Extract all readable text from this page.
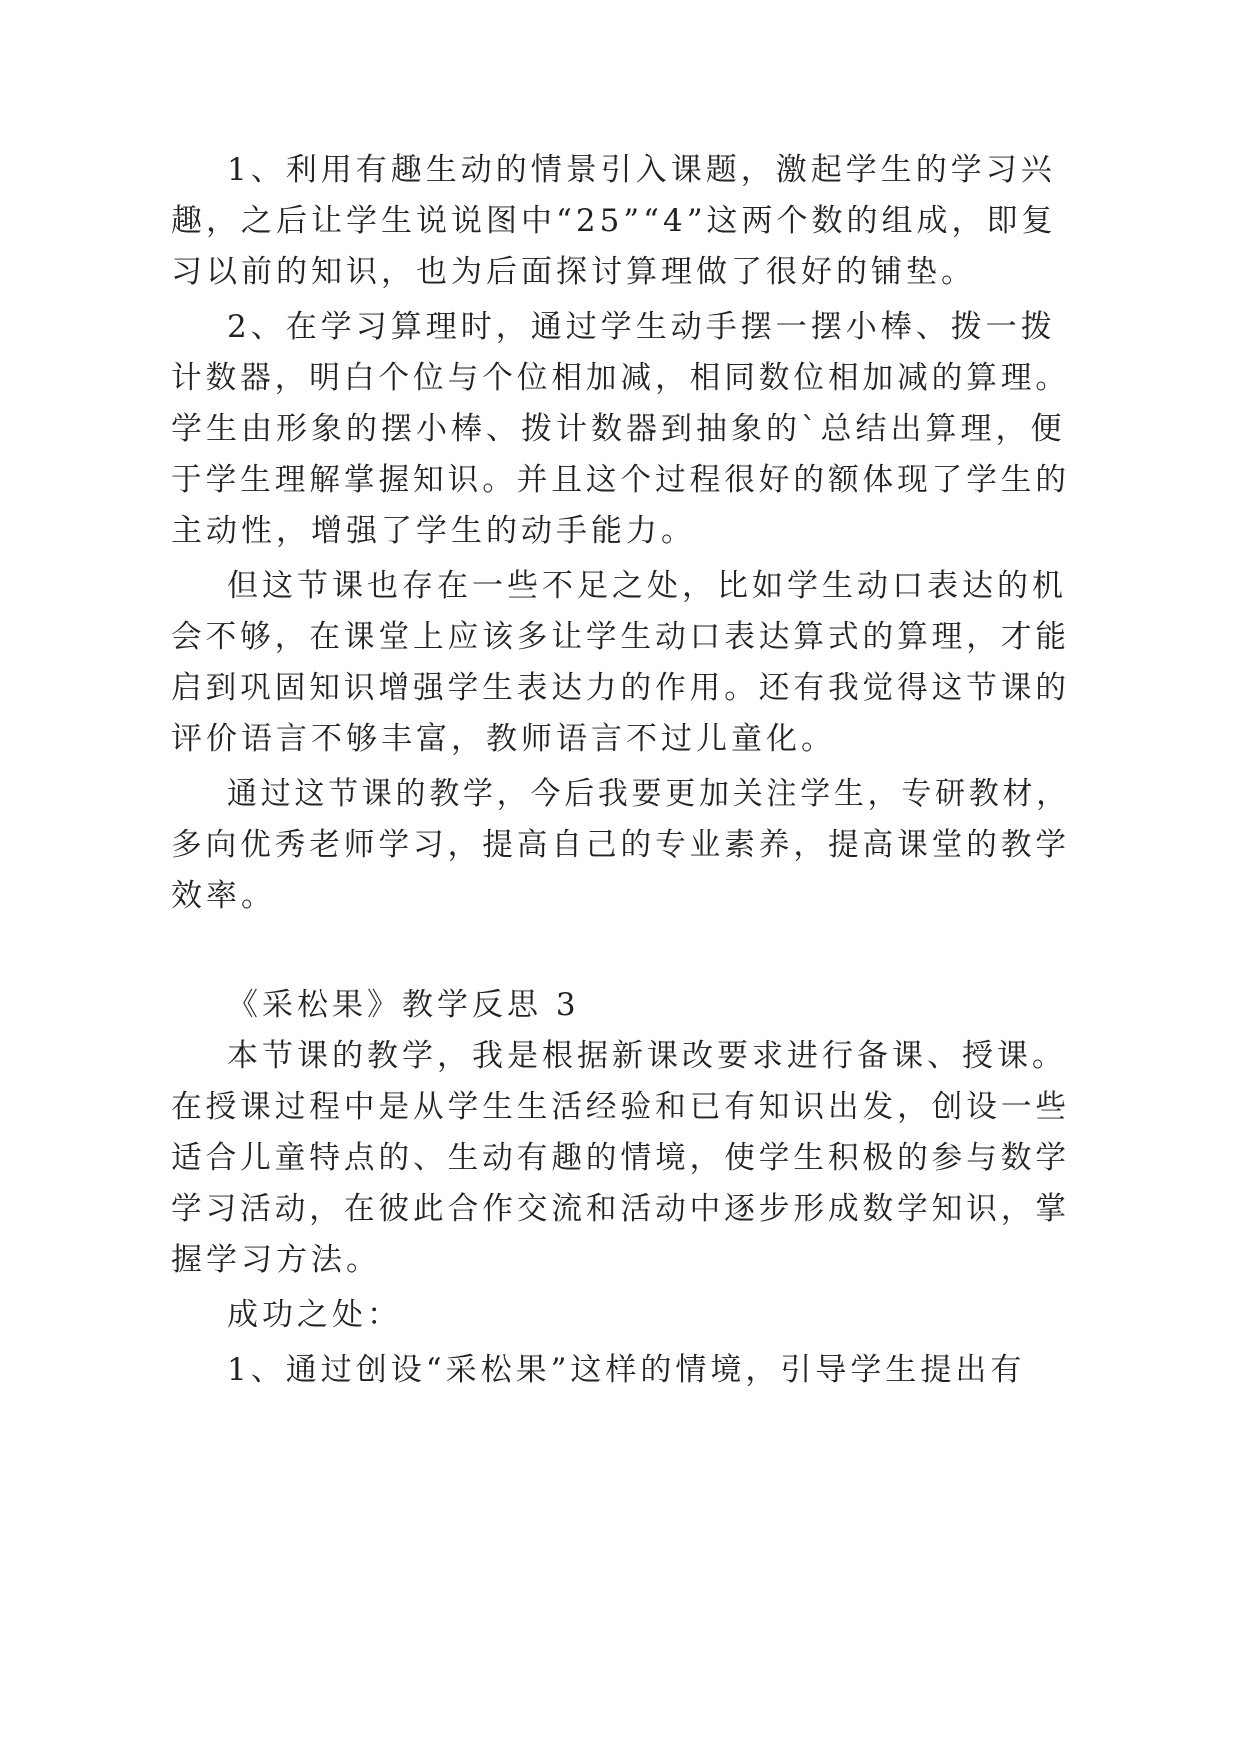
1、利用有趣生动的情景引入课题，激起学生的学习兴
趣，之后让学生说说图中“25”“4”这两个数的组成，即复
习以前的知识，也为后面探讨算理做了很好的铺垫。
2、在学习算理时，通过学生动手摆一摆小棒、拨一拨
计数器，明白个位与个位相加减，相同数位相加减的算理。
学生由形象的摆小棒、拨计数器到抽象的`总结出算理，便
于学生理解掌握知识。并且这个过程很好的额体现了学生的
主动性，增强了学生的动手能力。
但这节课也存在一些不足之处，比如学生动口表达的机
会不够，在课堂上应该多让学生动口表达算式的算理，才能
启到巩固知识增强学生表达力的作用。还有我觉得这节课的
评价语言不够丰富，教师语言不过儿童化。
通过这节课的教学，今后我要更加关注学生，专研教材，
多向优秀老师学习，提高自己的专业素养，提高课堂的教学
效率。
《采松果》教学反思 3
本节课的教学，我是根据新课改要求进行备课、授课。
在授课过程中是从学生生活经验和已有知识出发，创设一些
适合儿童特点的、生动有趣的情境，使学生积极的参与数学
学习活动，在彼此合作交流和活动中逐步形成数学知识，掌
握学习方法。
成功之处：
1、通过创设“采松果”这样的情境，引导学生提出有
